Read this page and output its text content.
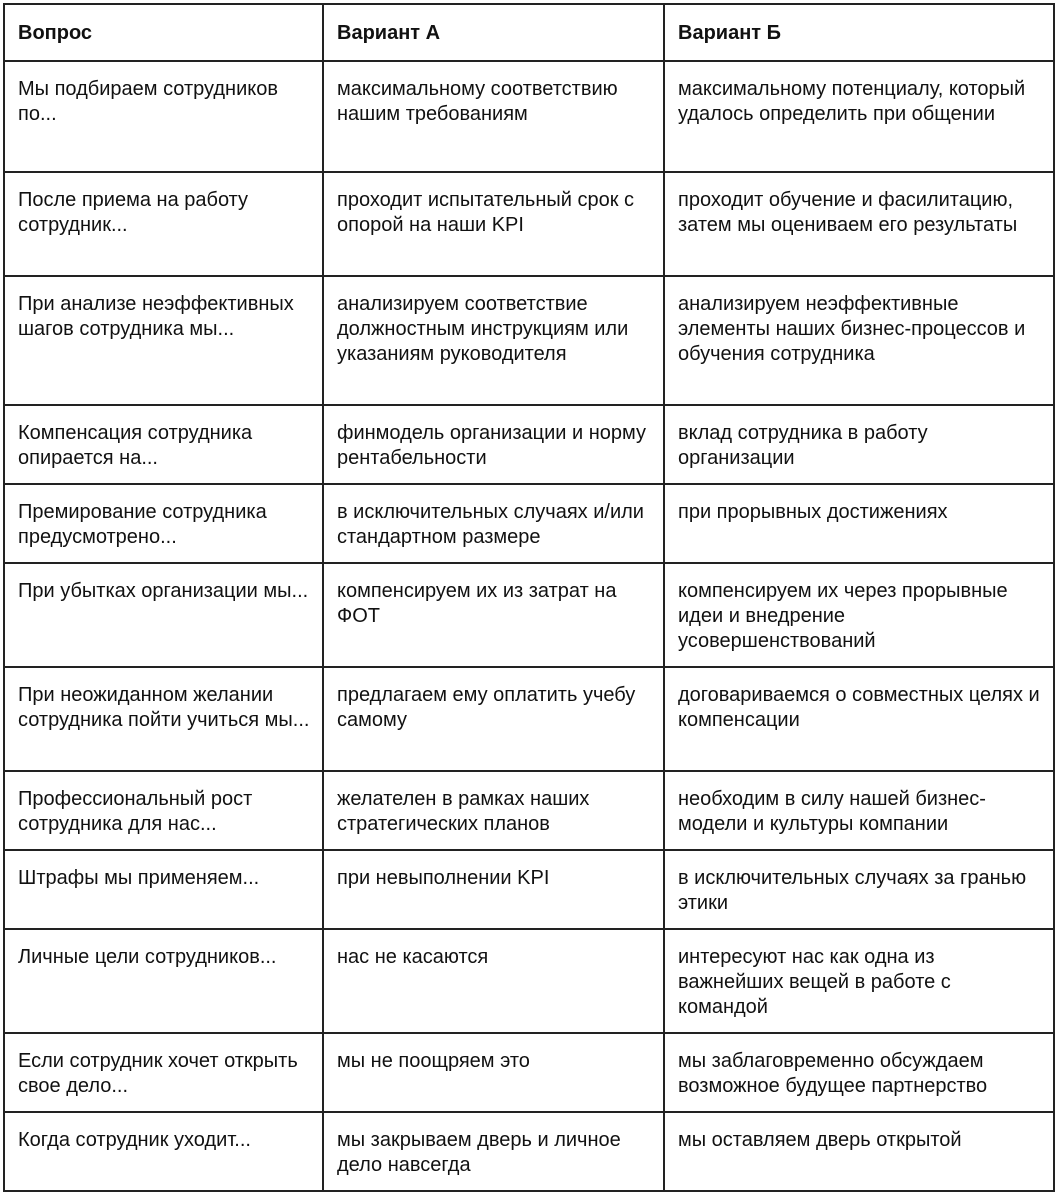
Вопрос	Вариант А	Вариант Б
Мы подбираем сотрудников по...	максимальному соответствию нашим требованиям	максимальному потенциалу, который удалось определить при общении
После приема на работу сотрудник...	проходит испытательный срок с опорой на наши KPI	проходит обучение и фасилитацию, затем мы оцениваем его результаты
При анализе неэффективных шагов сотрудника мы...	анализируем соответствие должностным инструкциям или указаниям руководителя	анализируем неэффективные элементы наших бизнес-процессов и обучения сотрудника
Компенсация сотрудника опирается на...	финмодель организации и норму рентабельности	вклад сотрудника в работу организации
Премирование сотрудника предусмотрено...	в исключительных случаях и/или стандартном размере	при прорывных достижениях
При убытках организации мы...	компенсируем их из затрат на ФОТ	компенсируем их через прорывные идеи и внедрение усовершенствований
При неожиданном желании сотрудника пойти учиться мы...	предлагаем ему оплатить учебу самому	договариваемся о совместных целях и компенсации
Профессиональный рост сотрудника для нас...	желателен в рамках наших стратегических планов	необходим в силу нашей бизнес-модели и культуры компании
Штрафы мы применяем...	при невыполнении KPI	в исключительных случаях за гранью этики
Личные цели сотрудников...	нас не касаются	интересуют нас как одна из важнейших вещей в работе с командой
Если сотрудник хочет открыть свое дело...	мы не поощряем это	мы заблаговременно обсуждаем возможное будущее партнерство
Когда сотрудник уходит...	мы закрываем дверь и личное дело навсегда	мы оставляем дверь открытой
